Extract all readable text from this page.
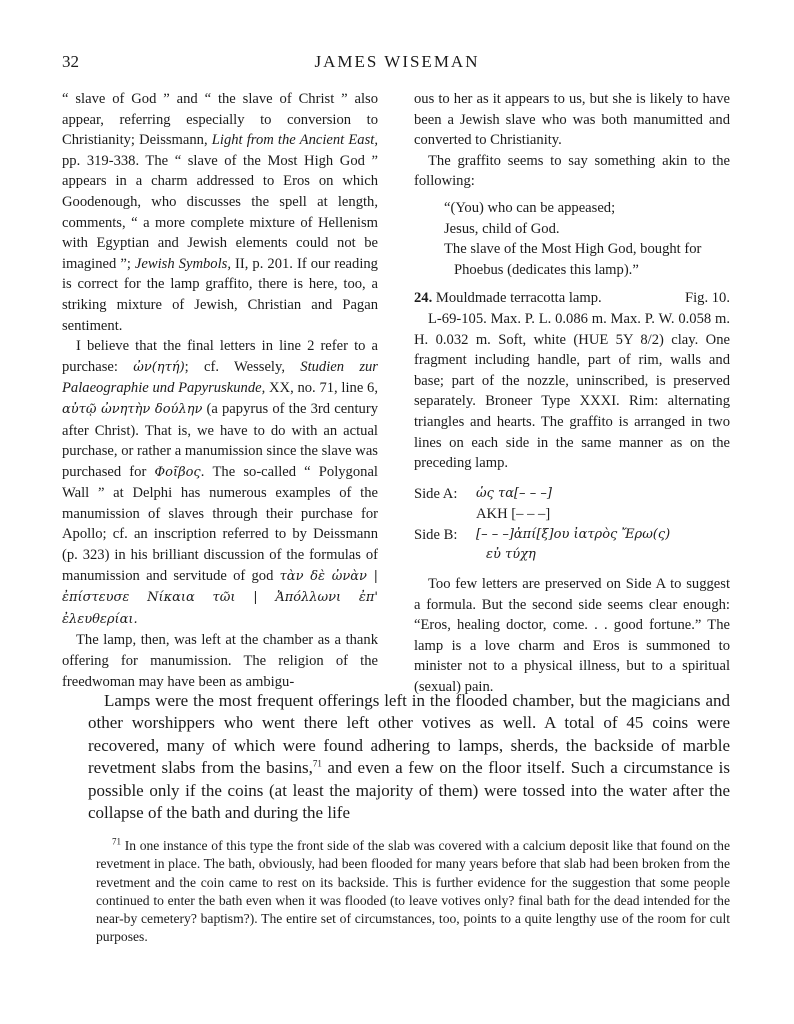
32	JAMES WISEMAN

“ slave of God ” and “ the slave of Christ ” also appear, referring especially to conversion to Christianity; Deissmann, Light from the Ancient East, pp. 319-338. The “ slave of the Most High God ” appears in a charm addressed to Eros on which Goodenough, who discusses the spell at length, comments, “ a more complete mixture of Hellenism with Egyptian and Jewish elements could not be imagined ”; Jewish Symbols, II, p. 201. If our reading is correct for the lamp graffito, there is here, too, a striking mixture of Jewish, Christian and Pagan sentiment.

I believe that the final letters in line 2 refer to a purchase: ὠν(ητή); cf. Wessely, Studien zur Palaeographie und Papyruskunde, XX, no. 71, line 6, αὐτῷ ὠνητὴν δούλην (a papyrus of the 3rd century after Christ). That is, we have to do with an actual purchase, or rather a manumission since the slave was purchased for Φοῖβος. The so-called “ Polygonal Wall ” at Delphi has numerous examples of the manumission of slaves through their purchase for Apollo; cf. an inscription referred to by Deissmann (p. 323) in his brilliant discussion of the formulas of manumission and servitude of god τὰν δὲ ὠνὰν | ἐπίστευσε Νίκαια τῶι | Ἀπόλλωνι ἐπ' ἐλευθερίαι.

The lamp, then, was left at the chamber as a thank offering for manumission. The religion of the freedwoman may have been as ambigu-

ous to her as it appears to us, but she is likely to have been a Jewish slave who was both manumitted and converted to Christianity.

The graffito seems to say something akin to the following:

“(You) who can be appeased;
Jesus, child of God.
The slave of the Most High God, bought for Phoebus (dedicates this lamp).”
24. Mouldmade terracotta lamp.	Fig. 10.

L-69-105. Max. P. L. 0.086 m. Max. P. W. 0.058 m. H. 0.032 m. Soft, white (HUE 5Y 8/2) clay. One fragment including handle, part of rim, walls and base; part of the nozzle, uninscribed, is preserved separately. Broneer Type XXXI. Rim: alternating triangles and hearts. The graffito is arranged in two lines on each side in the same manner as on the preceding lamp.

Side A:	ὡς τα[– – –]
ΑΚΗ [– – –]
Side B:	[– – –]ἀπί[ξ]ου ἰατρὸς Ἔρω(ς)
εὐ τύχη

Too few letters are preserved on Side A to suggest a formula. But the second side seems clear enough: “Eros, healing doctor, come. . . good fortune.” The lamp is a love charm and Eros is summoned to minister not to a physical illness, but to a spiritual (sexual) pain.

Lamps were the most frequent offerings left in the flooded chamber, but the magicians and other worshippers who went there left other votives as well. A total of 45 coins were recovered, many of which were found adhering to lamps, sherds, the backside of marble revetment slabs from the basins,$^{71}$ and even a few on the floor itself. Such a circumstance is possible only if the coins (at least the majority of them) were tossed into the water after the collapse of the bath and during the life

$^{71}$ In one instance of this type the front side of the slab was covered with a calcium deposit like that found on the revetment in place. The bath, obviously, had been flooded for many years before that slab had been broken from the revetment and the coin came to rest on its backside. This is further evidence for the suggestion that some people continued to enter the bath even when it was flooded (to leave votives only? final bath for the dead intended for the near-by cemetery? baptism?). The entire set of circumstances, too, points to a quite lengthy use of the room for cult purposes.
